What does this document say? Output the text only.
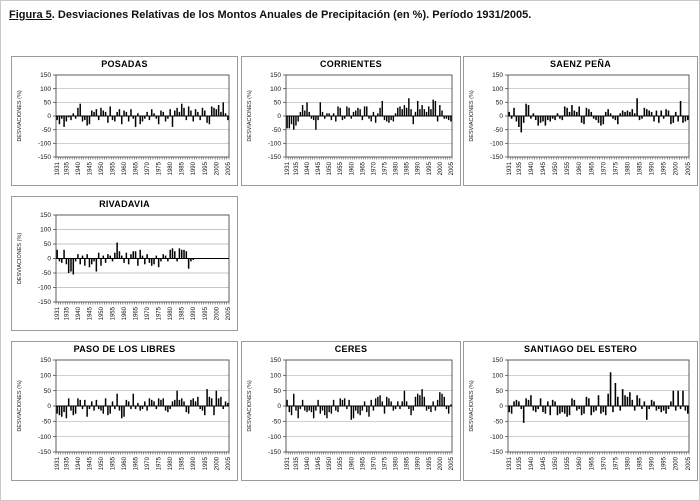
Figura 5. Desviaciones Relativas de los Montos Anuales de Precipitación (en %). Período 1931/2005.
POSADAS
150
100
50
0
-50
-100
-150
DESVIACIONES (%)
1931 1935 1940 1945 1950 1955 1960 1965 1970 1975 1980 1985 1990 1995 2000 2005
CORRIENTES
150
100
50
0
-50
-100
-150
DESVIACIONES (%)
1931 1935 1940 1945 1950 1955 1960 1965 1970 1975 1980 1985 1990 1995 2000 2005
SAENZ PEÑA
150
100
50
0
-50
-100
-150
DESVIACIONES (%)
1931 1935 1940 1945 1950 1955 1960 1965 1970 1975 1980 1985 1990 1995 2000 2005
RIVADAVIA
150
100
50
0
-50
-100
-150
DESVIACIONES (%)
1931 1935 1940 1945 1950 1955 1960 1965 1970 1975 1980 1985 1990 1995 2000 2005
PASO DE LOS LIBRES
150
100
50
0
-50
-100
-150
DESVIACIONES (%)
1931 1935 1940 1945 1950 1955 1960 1965 1970 1975 1980 1985 1990 1995 2000 2005
CERES
150
100
50
0
-50
-100
-150
DESVIACIONES (%)
1931 1935 1940 1945 1950 1955 1960 1965 1970 1975 1980 1985 1990 1995 2000 2005
SANTIAGO DEL ESTERO
150
100
50
0
-50
-100
-150
DESVIACIONES (%)
1931 1935 1940 1945 1950 1955 1960 1965 1970 1975 1980 1985 1990 1995 2000 2005
